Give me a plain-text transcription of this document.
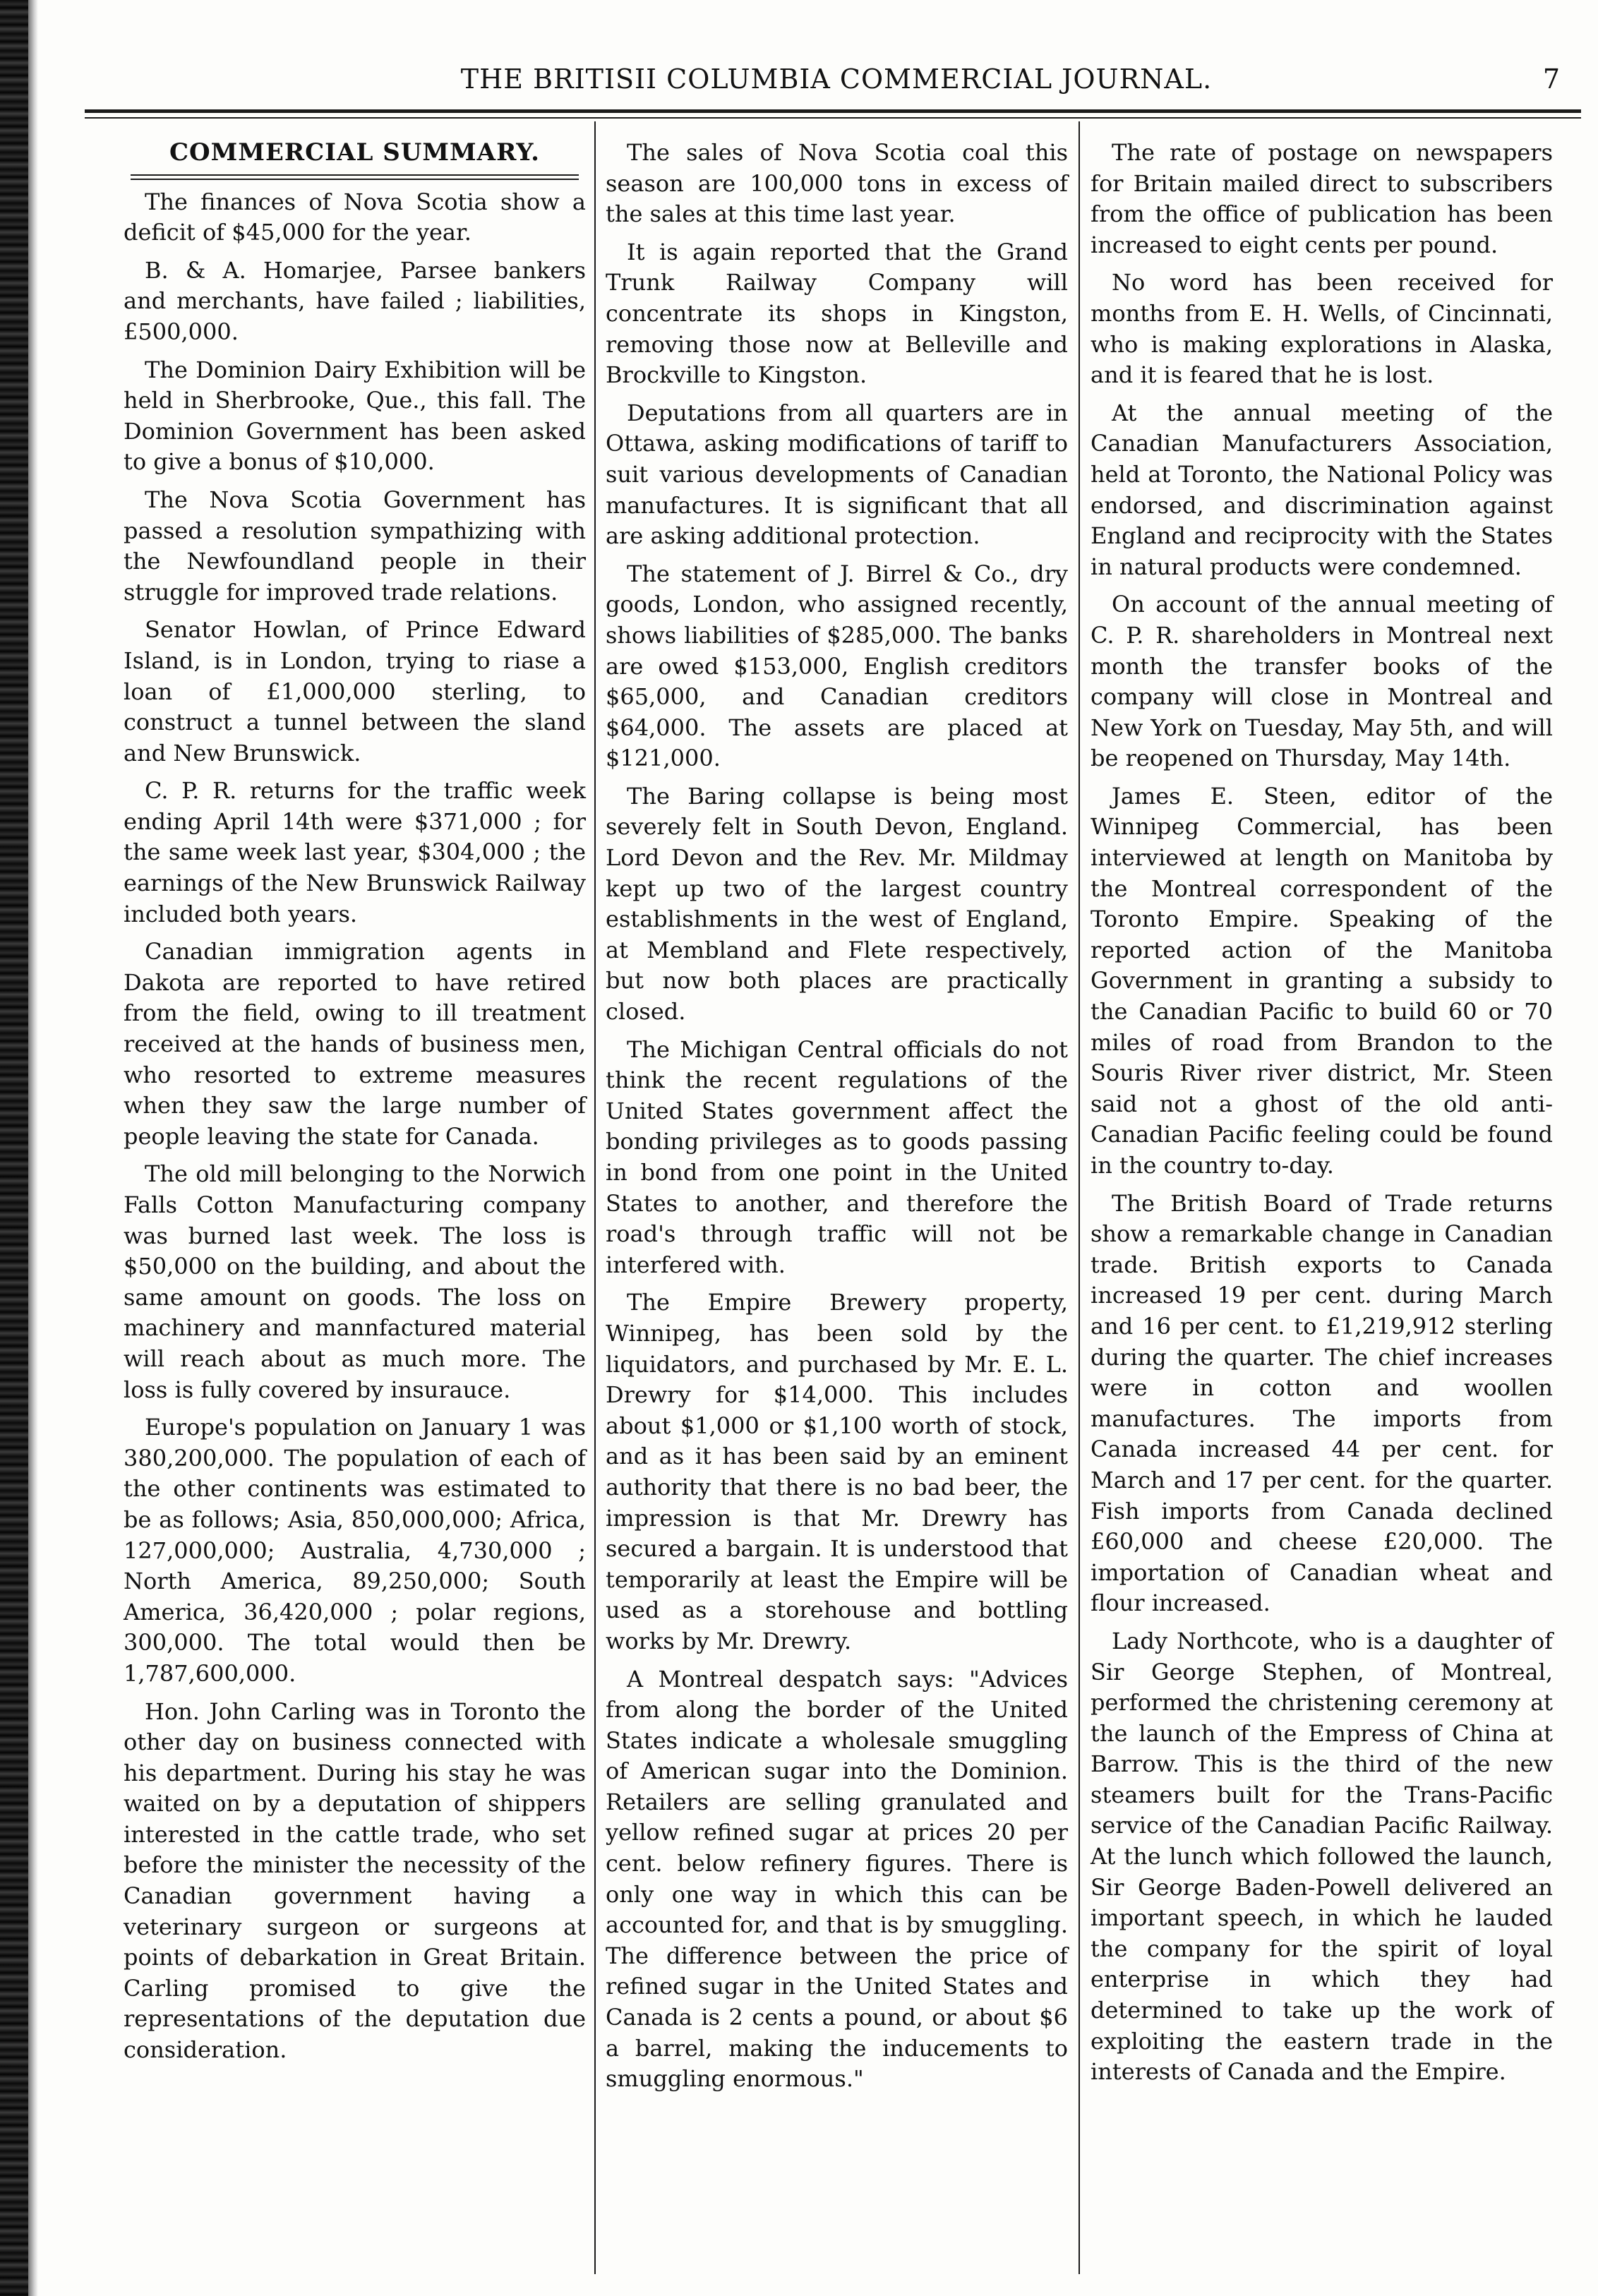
THE BRITISII COLUMBIA COMMERCIAL JOURNAL.	7
COMMERCIAL SUMMARY.

The finances of Nova Scotia show a deficit of $45,000 for the year.

B. & A. Homarjee, Parsee bankers and merchants, have failed ; liabilities, £500,000.

The Dominion Dairy Exhibition will be held in Sherbrooke, Que., this fall. The Dominion Government has been asked to give a bonus of $10,000.

The Nova Scotia Government has passed a resolution sympathizing with the Newfoundland people in their struggle for improved trade relations.

Senator Howlan, of Prince Edward Island, is in London, trying to riase a loan of £1,000,000 sterling, to construct a tunnel between the sland and New Brunswick.

C. P. R. returns for the traffic week ending April 14th were $371,000 ; for the same week last year, $304,000 ; the earnings of the New Brunswick Railway included both years.

Canadian immigration agents in Dakota are reported to have retired from the field, owing to ill treatment received at the hands of business men, who resorted to extreme measures when they saw the large number of people leaving the state for Canada.

The old mill belonging to the Norwich Falls Cotton Manufacturing company was burned last week. The loss is $50,000 on the building, and about the same amount on goods. The loss on machinery and mannfactured material will reach about as much more. The loss is fully covered by insurauce.

Europe's population on January 1 was 380,200,000. The population of each of the other continents was estimated to be as follows; Asia, 850,000,000; Africa, 127,000,000; Australia, 4,730,000 ; North America, 89,250,000; South America, 36,420,000 ; polar regions, 300,000. The total would then be 1,787,600,000.

Hon. John Carling was in Toronto the other day on business connected with his department. During his stay he was waited on by a deputation of shippers interested in the cattle trade, who set before the minister the necessity of the Canadian government having a veterinary surgeon or surgeons at points of debarkation in Great Britain. Carling promised to give the representations of the deputation due consideration.

The sales of Nova Scotia coal this season are 100,000 tons in excess of the sales at this time last year.

It is again reported that the Grand Trunk Railway Company will concentrate its shops in Kingston, removing those now at Belleville and Brockville to Kingston.

Deputations from all quarters are in Ottawa, asking modifications of tariff to suit various developments of Canadian manufactures. It is significant that all are asking additional protection.

The statement of J. Birrel & Co., dry goods, London, who assigned recently, shows liabilities of $285,000. The banks are owed $153,000, English creditors $65,000, and Canadian creditors $64,000. The assets are placed at $121,000.

The Baring collapse is being most severely felt in South Devon, England. Lord Devon and the Rev. Mr. Mildmay kept up two of the largest country establishments in the west of England, at Membland and Flete respectively, but now both places are practically closed.

The Michigan Central officials do not think the recent regulations of the United States government affect the bonding privileges as to goods passing in bond from one point in the United States to another, and therefore the road's through traffic will not be interfered with.

The Empire Brewery property, Winnipeg, has been sold by the liquidators, and purchased by Mr. E. L. Drewry for $14,000. This includes about $1,000 or $1,100 worth of stock, and as it has been said by an eminent authority that there is no bad beer, the impression is that Mr. Drewry has secured a bargain. It is understood that temporarily at least the Empire will be used as a storehouse and bottling works by Mr. Drewry.

A Montreal despatch says: "Advices from along the border of the United States indicate a wholesale smuggling of American sugar into the Dominion. Retailers are selling granulated and yellow refined sugar at prices 20 per cent. below refinery figures. There is only one way in which this can be accounted for, and that is by smuggling. The difference between the price of refined sugar in the United States and Canada is 2 cents a pound, or about $6 a barrel, making the inducements to smuggling enormous."

The rate of postage on newspapers for Britain mailed direct to subscribers from the office of publication has been increased to eight cents per pound.

No word has been received for months from E. H. Wells, of Cincinnati, who is making explorations in Alaska, and it is feared that he is lost.

At the annual meeting of the Canadian Manufacturers Association, held at Toronto, the National Policy was endorsed, and discrimination against England and reciprocity with the States in natural products were condemned.

On account of the annual meeting of C. P. R. shareholders in Montreal next month the transfer books of the company will close in Montreal and New York on Tuesday, May 5th, and will be reopened on Thursday, May 14th.

James E. Steen, editor of the Winnipeg Commercial, has been interviewed at length on Manitoba by the Montreal correspondent of the Toronto Empire. Speaking of the reported action of the Manitoba Government in granting a subsidy to the Canadian Pacific to build 60 or 70 miles of road from Brandon to the Souris River river district, Mr. Steen said not a ghost of the old anti-Canadian Pacific feeling could be found in the country to-day.

The British Board of Trade returns show a remarkable change in Canadian trade. British exports to Canada increased 19 per cent. during March and 16 per cent. to £1,219,912 sterling during the quarter. The chief increases were in cotton and woollen manufactures. The imports from Canada increased 44 per cent. for March and 17 per cent. for the quarter. Fish imports from Canada declined £60,000 and cheese £20,000. The importation of Canadian wheat and flour increased.

Lady Northcote, who is a daughter of Sir George Stephen, of Montreal, performed the christening ceremony at the launch of the Empress of China at Barrow. This is the third of the new steamers built for the Trans-Pacific service of the Canadian Pacific Railway. At the lunch which followed the launch, Sir George Baden-Powell delivered an important speech, in which he lauded the company for the spirit of loyal enterprise in which they had determined to take up the work of exploiting the eastern trade in the interests of Canada and the Empire.
